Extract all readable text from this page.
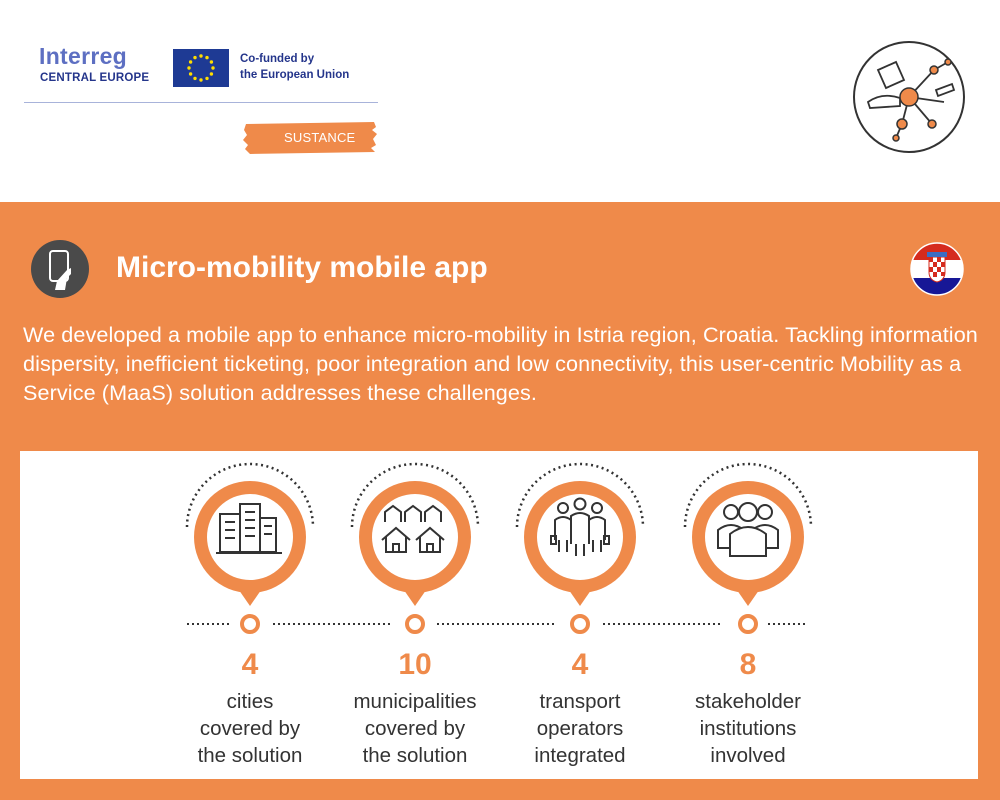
Interreg
CENTRAL EUROPE
Co-funded by
the European Union
SUSTANCE
Micro-mobility mobile app
We developed a mobile app to enhance micro-mobility in Istria region, Croatia. Tackling information dispersity, inefficient ticketing, poor integration and low connectivity, this user-centric Mobility as a Service (MaaS) solution addresses these challenges.
4	10	4	8
cities
covered by
the solution
municipalities
covered by
the solution
transport
operators
integrated
stakeholder
institutions
involved
